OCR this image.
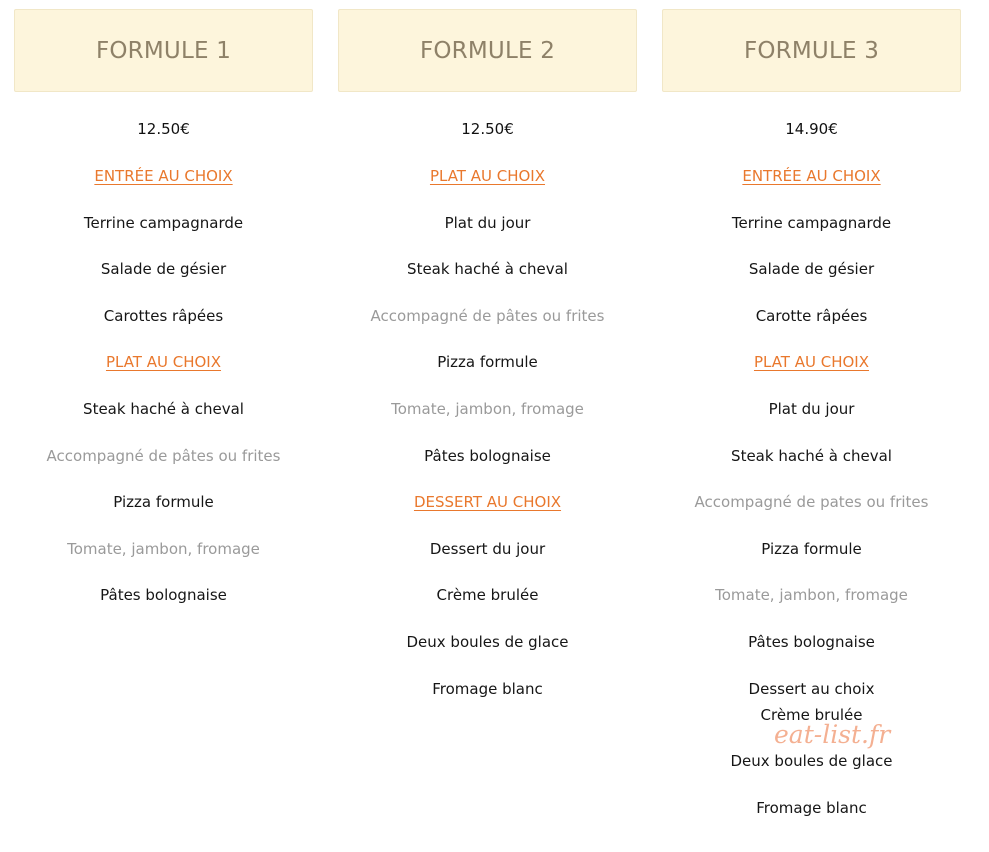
FORMULE 1
12.50€
ENTRÉE AU CHOIX
Terrine campagnarde
Salade de gésier
Carottes râpées
PLAT AU CHOIX
Steak haché à cheval
Accompagné de pâtes ou frites
Pizza formule
Tomate, jambon, fromage
Pâtes bolognaise
FORMULE 2
12.50€
PLAT AU CHOIX
Plat du jour
Steak haché à cheval
Accompagné de pâtes ou frites
Pizza formule
Tomate, jambon, fromage
Pâtes bolognaise
DESSERT AU CHOIX
Dessert du jour
Crème brulée
Deux boules de glace
Fromage blanc
FORMULE 3
14.90€
ENTRÉE AU CHOIX
Terrine campagnarde
Salade de gésier
Carotte râpées
PLAT AU CHOIX
Plat du jour
Steak haché à cheval
Accompagné de pates ou frites
Pizza formule
Tomate, jambon, fromage
Pâtes bolognaise
Dessert au choix
Crème brulée
Deux boules de glace
Fromage blanc
eat-list.fr
